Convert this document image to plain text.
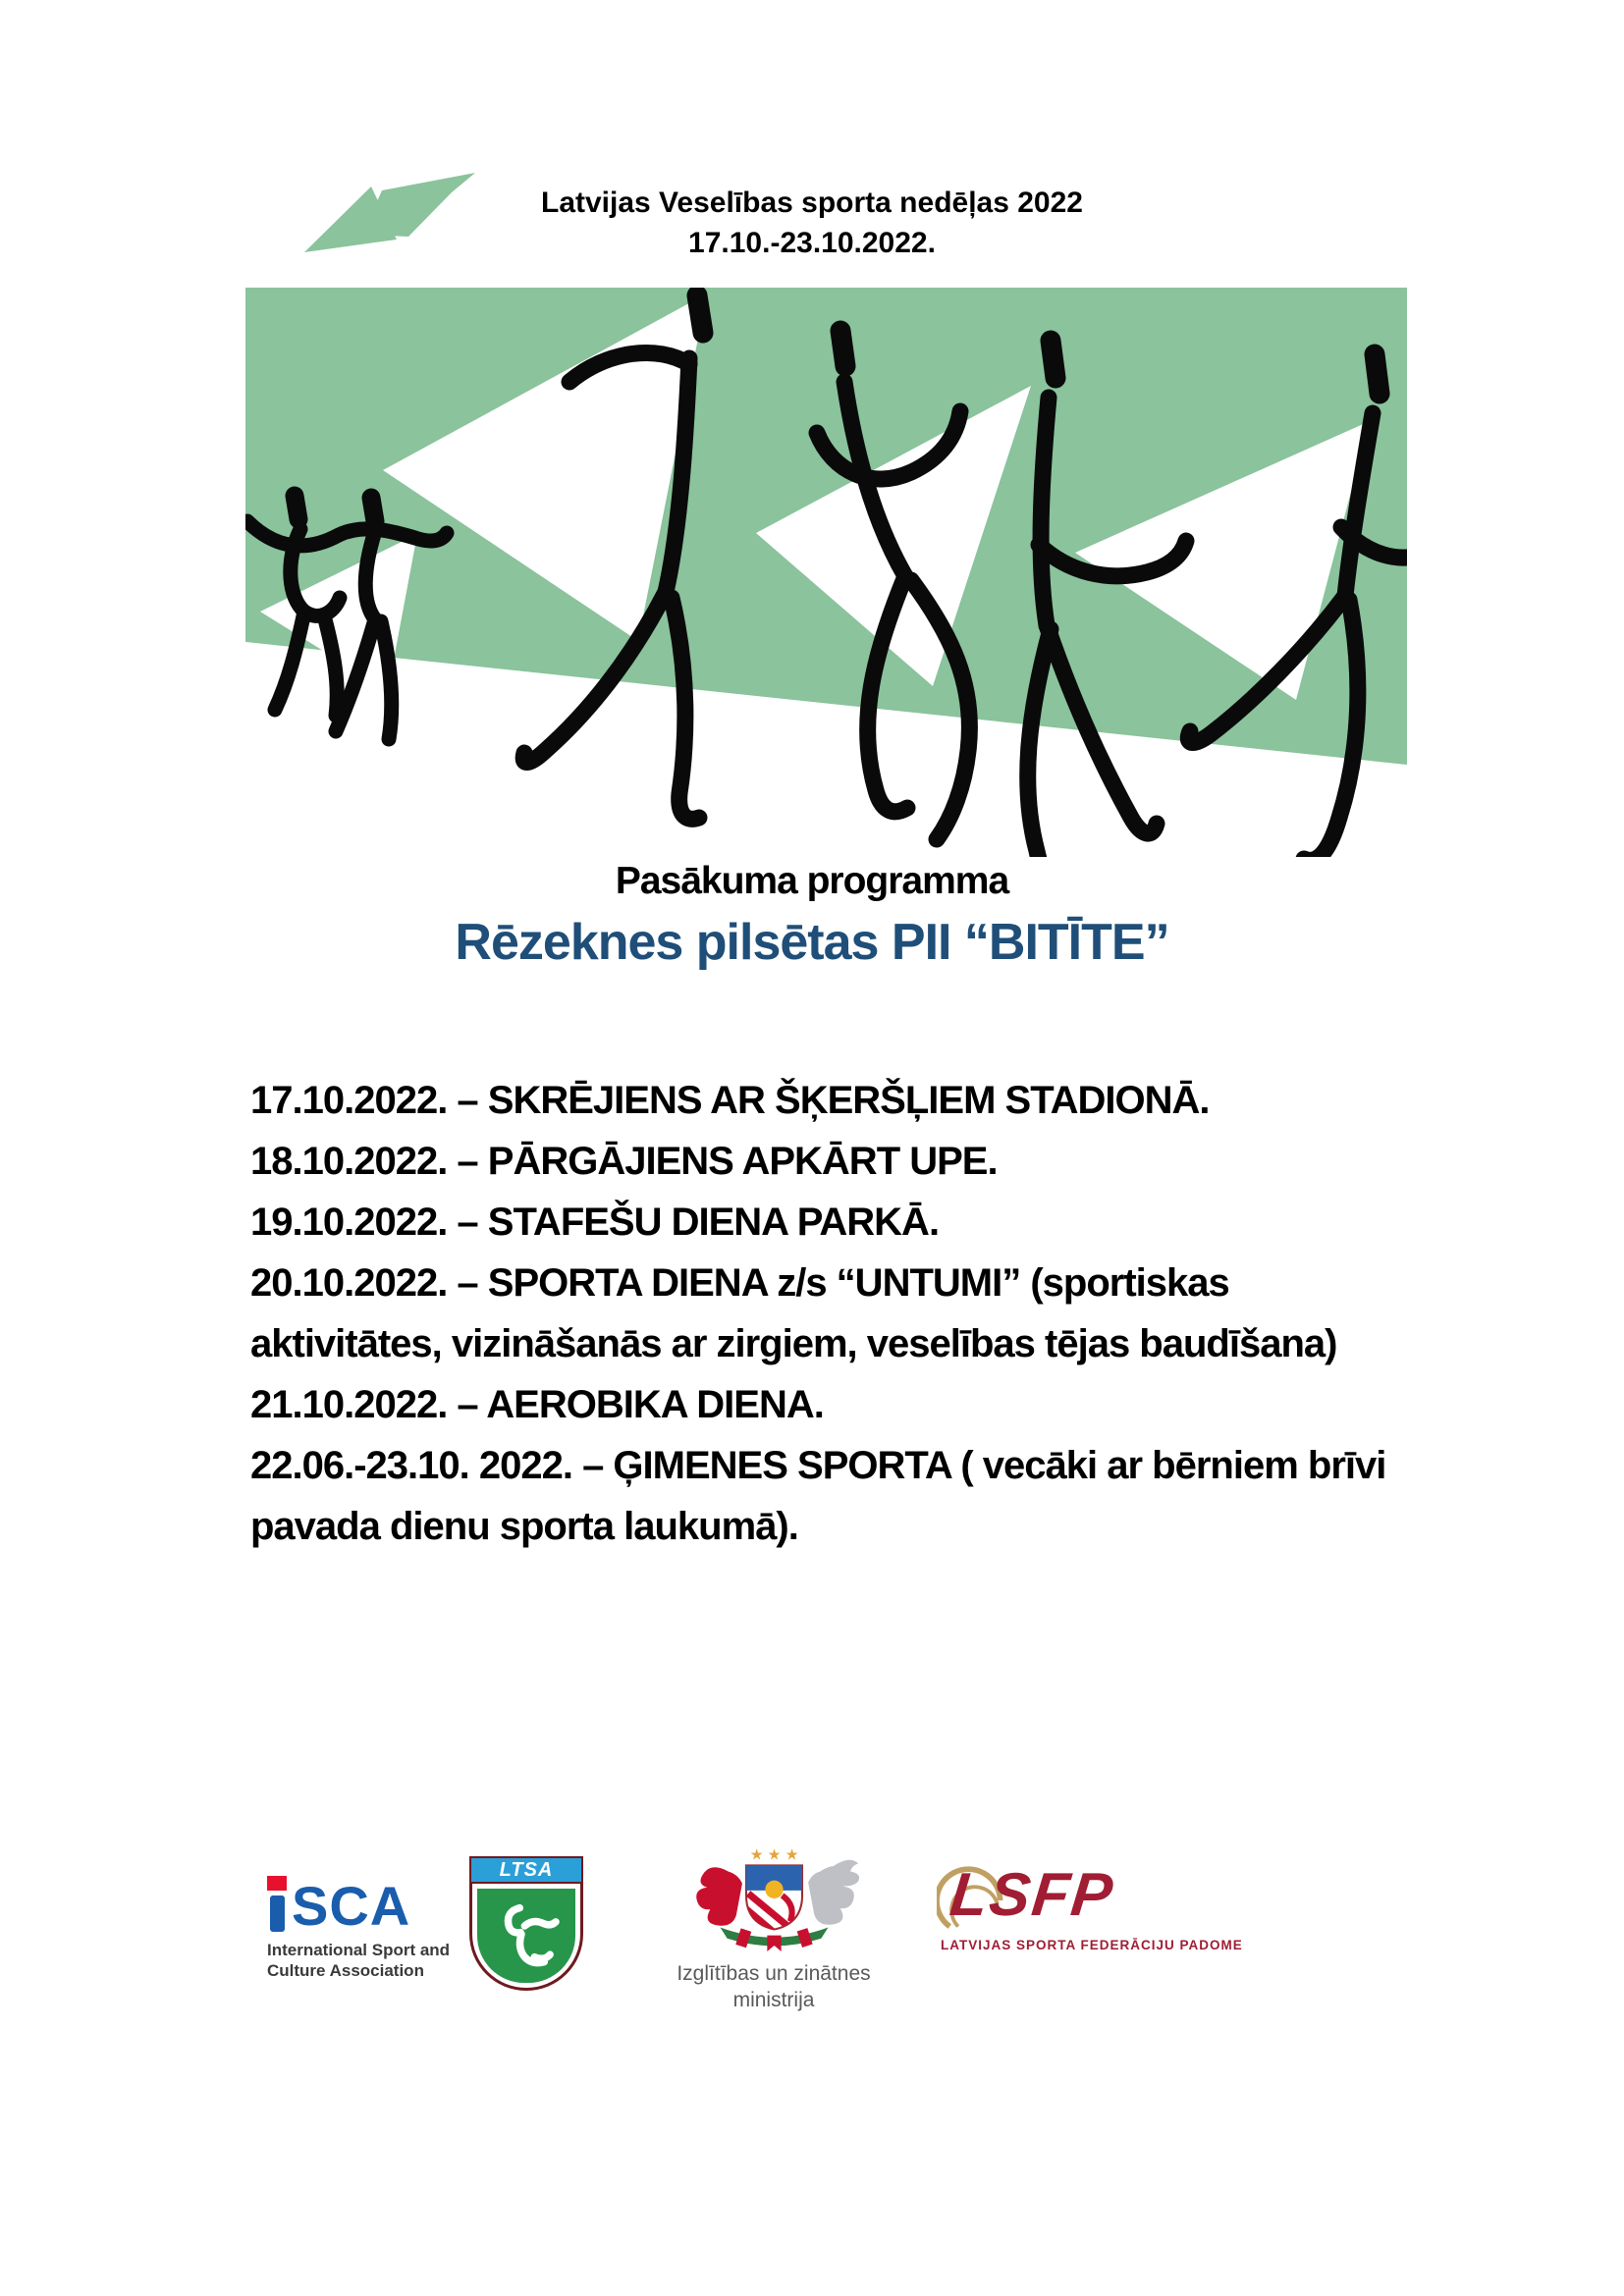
Latvijas Veselības sporta nedēļas 2022
17.10.-23.10.2022.
Pasākuma programma
Rēzeknes pilsētas PII “BITĪTE”
17.10.2022. – SKRĒJIENS AR ŠĶERŠĻIEM STADIONĀ.
18.10.2022. – PĀRGĀJIENS APKĀRT UPE.
19.10.2022. – STAFEŠU DIENA PARKĀ.
20.10.2022. – SPORTA DIENA z/s “UNTUMI” (sportiskas aktivitātes, vizināšanās ar zirgiem, veselības tējas baudīšana)
21.10.2022. – AEROBIKA DIENA.
22.06.-23.10. 2022. – ĢIMENES SPORTA ( vecāki ar bērniem brīvi pavada dienu sporta laukumā).
SCA
International Sport and
Culture Association
LTSA
★ ★ ★
Izglītības un zinātnes
ministrija
LSFP
LATVIJAS SPORTA FEDERĀCIJU PADOME
